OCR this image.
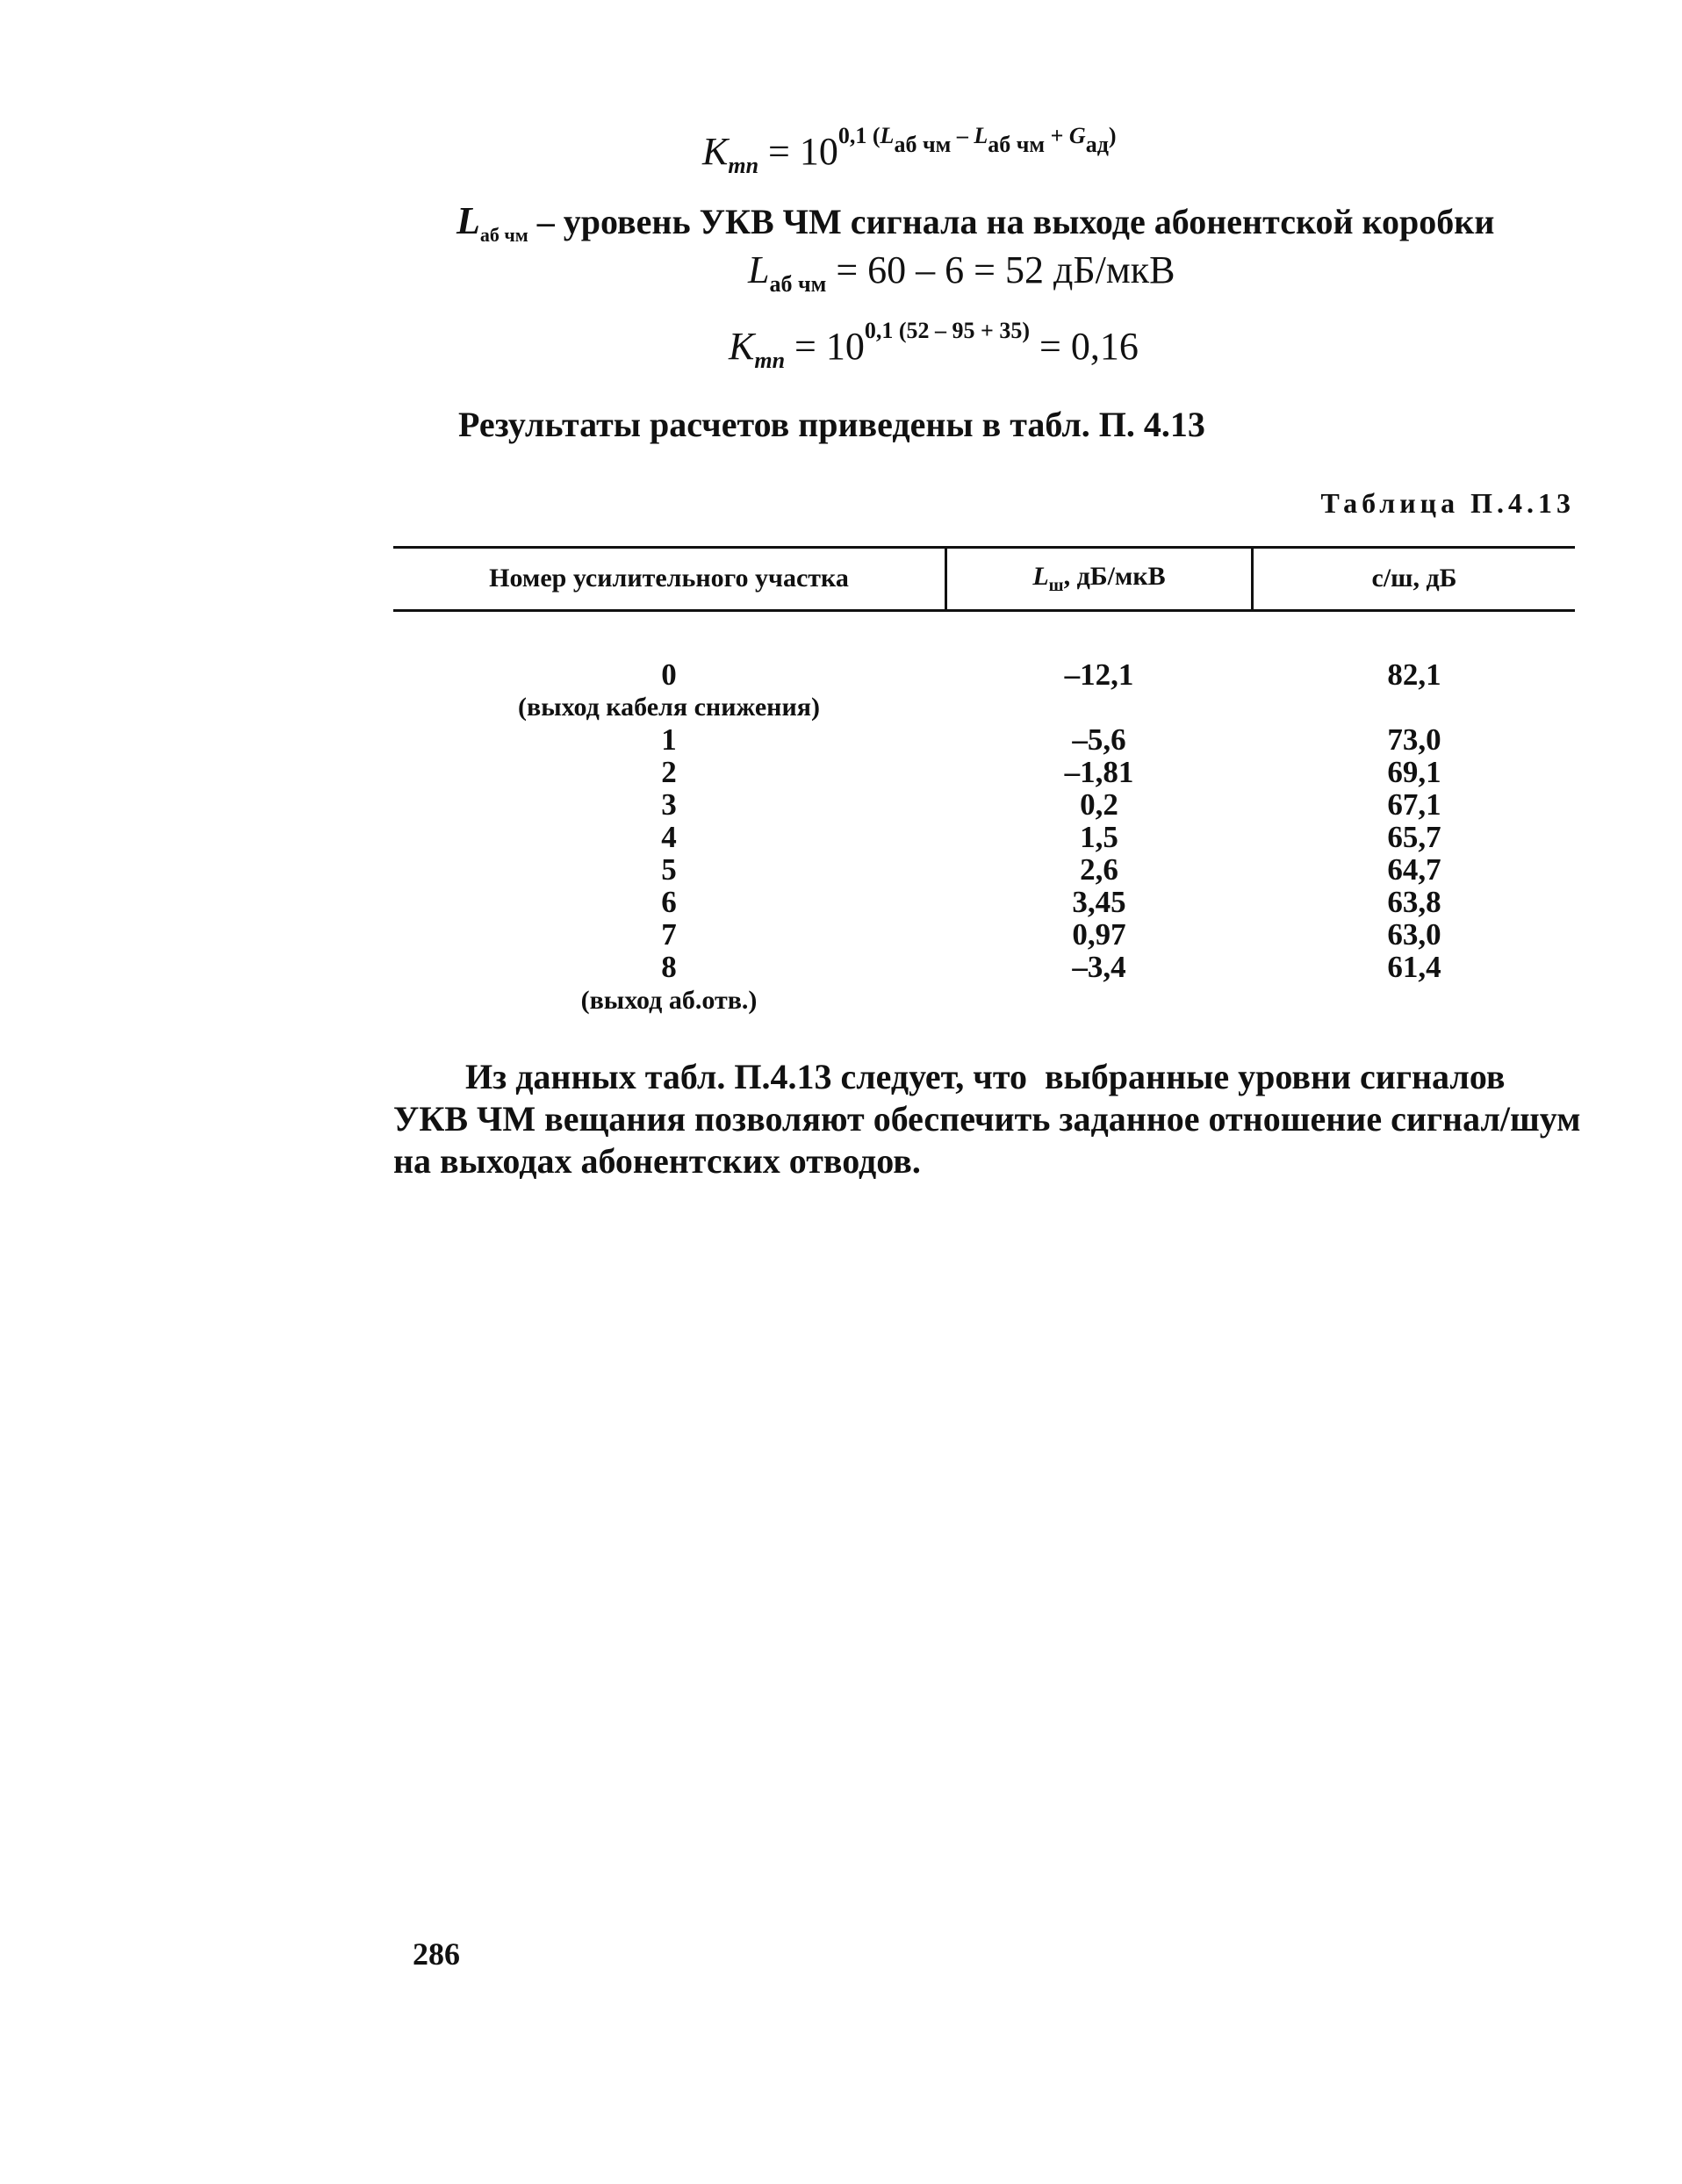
$K_{mn} = 10^{0,1 (L_{аб чм} - L_{аб чм} + G_{ад})}$
$L_{аб чм}$ – уровень УКВ ЧМ сигнала на выходе абонентской коробки
$L_{аб чм} = 60 - 6 = 52$ дБ/мкВ
$K_{mn} = 10^{0,1 (52 - 95 + 35)} = 0,16$
Результаты расчетов приведены в табл. П. 4.13
Таблица П.4.13
Номер усилительного участка	$L_ш$, дБ/мкВ	с/ш, дБ
0	–12,1	82,1
(выход кабеля снижения)
1	–5,6	73,0
2	–1,81	69,1
3	0,2	67,1
4	1,5	65,7
5	2,6	64,7
6	3,45	63,8
7	0,97	63,0
8	–3,4	61,4
(выход аб.отв.)
Из данных табл. П.4.13 следует, что  выбранные уровни сигналов
УКВ ЧМ вещания позволяют обеспечить заданное отношение сигнал/шум
на выходах абонентских отводов.
286
